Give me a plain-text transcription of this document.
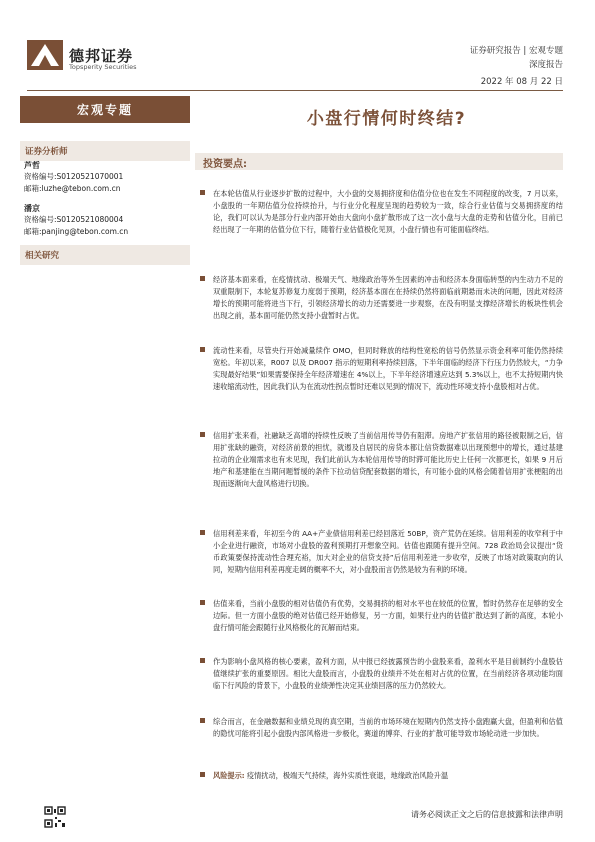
德邦证券
Topsperity Securities
证券研究报告 | 宏观专题
深度报告
2022 年 08 月 22 日
宏观专题
证券分析师
芦哲
资格编号:S0120521070001
邮箱:luzhe@tebon.com.cn
潘京
资格编号:S0120521080004
邮箱:panjing@tebon.com.cn
相关研究
小盘行情何时终结?
投资要点:
在本轮估值从行业逐步扩散的过程中，大小盘的交易拥挤度和估值分位也在发生不同程度的改变，7 月以来，小盘股的一年期估值分位持续抬升，与行业分化程度呈现的趋势较为一致，综合行业估值与交易拥挤度的结论，我们可以认为是部分行业内部开始由大盘向小盘扩散形成了这一次小盘与大盘的走势和估值分化，目前已经出现了一年期的估值分位下行，随着行业估值极化见顶，小盘行情也有可能面临终结。
经济基本面来看，在疫情扰动、极端天气、地缘政治等外生因素的冲击和经济本身面临转型的内生动力不足的双重限制下，本轮复苏修复力度弱于预期，经济基本面在在持续仍然将面临前期悬而未决的问题，因此对经济增长的预期可能将进当下行，引领经济增长的动力还需要进一步观察，在没有明显支撑经济增长的板块性机会出现之前，基本面可能仍然支持小盘暂时占优。
流动性来看，尽管央行开始减量续作 OMO，但同时释放的结构性宽松的信号仍然显示资金利率可能仍然持续宽松。年初以来，R007 以及 DR007 指示的短期利率持续回落，下半年面临的经济下行压力仍然较大，“力争实现最好结果”如果需要保持全年经济增速在 4%以上，下半年经济增速应达到 5.3%以上，也不太持短期内快速收缩流动性，因此我们认为在流动性拐点暂时还难以见到的情况下，流动性环境支持小盘股相对占优。
信用扩张来看，社融缺乏高增的持续性反映了当前信用传导仍有阻滞。房地产扩张信用的路径被限制之后，信用扩张缺的融资，对经济前景的担忧，就遏及自居民的房贷本都让信贷数据难以出现预想中的增长，通过基建拉动的企业端需求也有未见现，我们此前认为本轮信用传导的时滞可能比历史上任何一次都更长，如果 9 月后地产和基建能在当期问题暂缓的条件下拉动信贷配套数据的增长，有可能小盘的风格会随着信用扩张梗阻的出现而逐渐向大盘风格进行切换。
信用利差来看，年初至今的 AA+产业债信用利差已经回落近 50BP，资产荒仍在延续。信用利差的收窄利于中小企业进行融资，市场对小盘股的盈利预期打开想象空间。估值也跟随有提升空间。728 政治局会议提出“货币政策要保持流动性合理充裕，加大对企业的信贷支持”后信用利差进一步收窄，反映了市场对政策取向的认同，短期内信用利差再度走阔的概率不大，对小盘股而言仍然是较为有利的环境。
估值来看，当前小盘股的相对估值仍有优势，交易拥挤的相对水平也在较低的位置，暂时仍然存在足够的安全边际。但一方面小盘股的绝对估值已经开始修复，另一方面，如果行业内的估值扩散达到了新的高度，本轮小盘行情可能会跟随行业风格极化的瓦解而结束。
作为影响小盘风格的核心要素，盈利方面，从中报已经披露预告的小盘股来看，盈利水平是目前制约小盘股估值继续扩张的重要原因。相比大盘股而言，小盘股的业绩并不处在相对占优的位置，在当前经济各项动能均面临下行风险的背景下，小盘股的业绩弹性决定其业绩回落的压力仍然较大。
综合而言，在金融数据和业绩兑现的真空期，当前的市场环境在短期内仍然支持小盘跑赢大盘，但盈利和估值的隐忧可能将引起小盘股内部风格进一步极化，赛道的博弈、行业的扩散可能导致市场轮动进一步加快。
风险提示: 疫情扰动，极端天气持续，海外实质性衰退，地缘政治风险升温
请务必阅读正文之后的信息披露和法律声明
